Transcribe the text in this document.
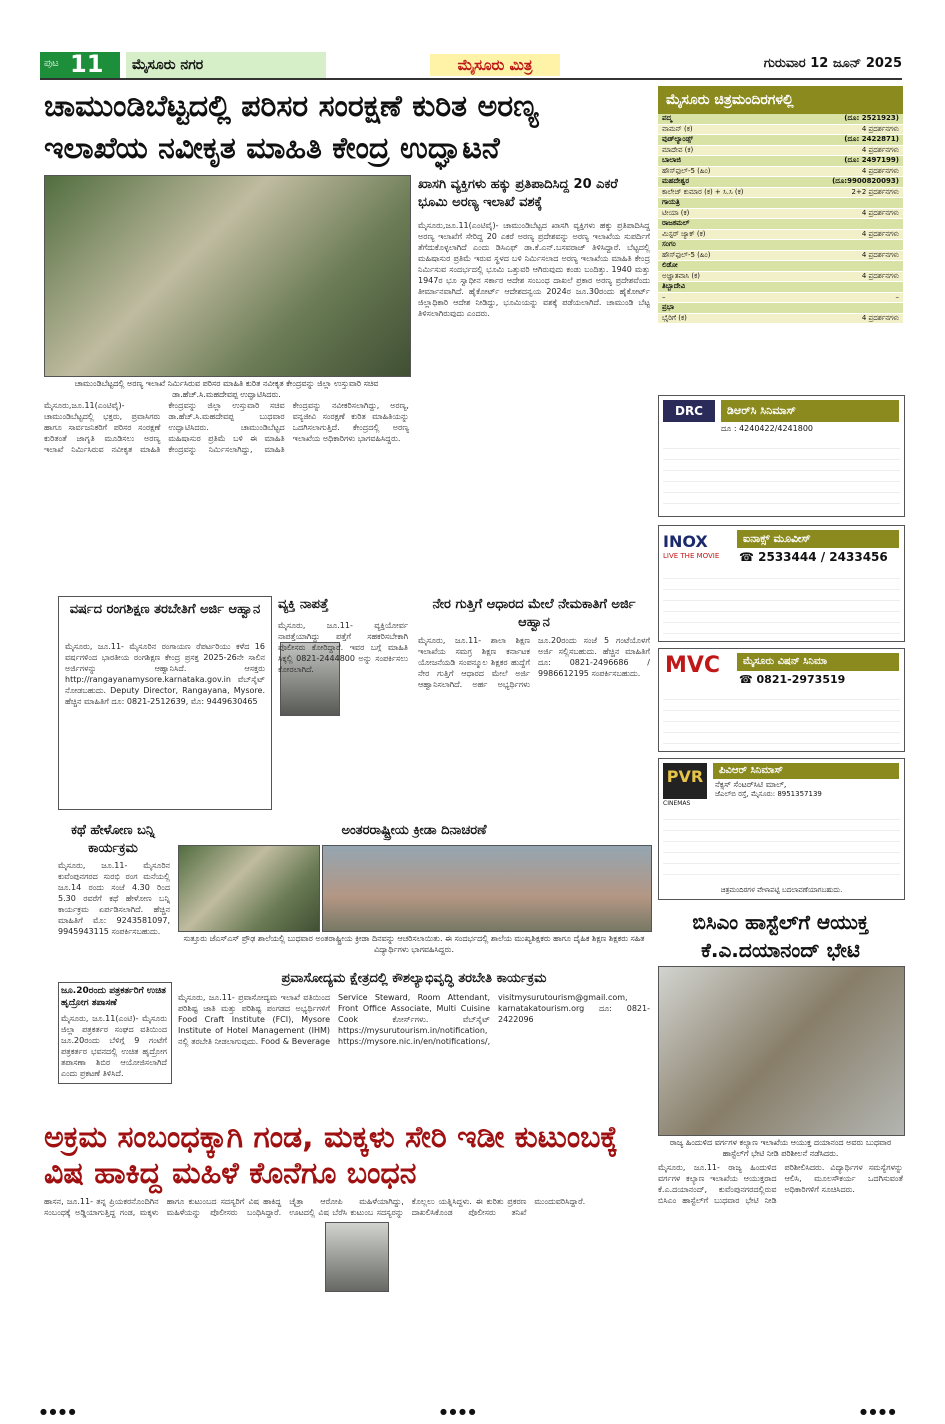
ಪುಟ 11	ಮೈಸೂರು ನಗರ	ಮೈಸೂರು ಮಿತ್ರ	ಗುರುವಾರ 12 ಜೂನ್ 2025
ಚಾಮುಂಡಿಬೆಟ್ಟದಲ್ಲಿ ಪರಿಸರ ಸಂರಕ್ಷಣೆ ಕುರಿತ ಅರಣ್ಯ ಇಲಾಖೆಯ ನವೀಕೃತ ಮಾಹಿತಿ ಕೇಂದ್ರ ಉದ್ಘಾಟನೆ
ಚಾಮುಂಡಿಬೆಟ್ಟದಲ್ಲಿ ಅರಣ್ಯ ಇಲಾಖೆ ನಿರ್ಮಿಸಿರುವ ಪರಿಸರ ಮಾಹಿತಿ ಕುರಿತ ನವೀಕೃತ ಕೇಂದ್ರವನ್ನು ಜಿಲ್ಲಾ ಉಸ್ತುವಾರಿ ಸಚಿವ ಡಾ.ಹೆಚ್.ಸಿ.ಮಹದೇವಪ್ಪ ಉದ್ಘಾಟಿಸಿದರು.
ಮೈಸೂರು,ಜೂ.11(ಎಂಟಿವೈ)- ಚಾಮುಂಡಿಬೆಟ್ಟದಲ್ಲಿ ಭಕ್ತರು, ಪ್ರವಾಸಿಗರು ಹಾಗೂ ಸಾರ್ವಜನಿಕರಿಗೆ ಪರಿಸರ ಸಂರಕ್ಷಣೆ ಕುರಿತಂತೆ ಜಾಗೃತಿ ಮೂಡಿಸಲು ಅರಣ್ಯ ಇಲಾಖೆ ನಿರ್ಮಿಸಿರುವ ನವೀಕೃತ ಮಾಹಿತಿ ಕೇಂದ್ರವನ್ನು ಜಿಲ್ಲಾ ಉಸ್ತುವಾರಿ ಸಚಿವ ಡಾ.ಹೆಚ್.ಸಿ.ಮಹದೇವಪ್ಪ ಬುಧವಾರ ಉದ್ಘಾಟಿಸಿದರು. ಚಾಮುಂಡಿಬೆಟ್ಟದ ಮಹಿಷಾಸುರ ಪ್ರತಿಮೆ ಬಳಿ ಈ ಮಾಹಿತಿ ಕೇಂದ್ರವನ್ನು ನಿರ್ಮಿಸಲಾಗಿದ್ದು, ಮಾಹಿತಿ ಕೇಂದ್ರವನ್ನು ನವೀಕರಿಸಲಾಗಿದ್ದು, ಅರಣ್ಯ, ವನ್ಯಜೀವಿ ಸಂರಕ್ಷಣೆ ಕುರಿತ ಮಾಹಿತಿಯನ್ನು ಒದಗಿಸಲಾಗುತ್ತಿದೆ. ಕೇಂದ್ರದಲ್ಲಿ ಅರಣ್ಯ ಇಲಾಖೆಯ ಅಧಿಕಾರಿಗಳು ಭಾಗವಹಿಸಿದ್ದರು.
ಖಾಸಗಿ ವ್ಯಕ್ತಿಗಳು ಹಕ್ಕು ಪ್ರತಿಪಾದಿಸಿದ್ದ 20 ಎಕರೆ ಭೂಮಿ ಅರಣ್ಯ ಇಲಾಖೆ ವಶಕ್ಕೆ
ಮೈಸೂರು,ಜೂ.11(ಎಂಟಿವೈ)- ಚಾಮುಂಡಿಬೆಟ್ಟದ ಖಾಸಗಿ ವ್ಯಕ್ತಿಗಳು ಹಕ್ಕು ಪ್ರತಿಪಾದಿಸಿದ್ದ ಅರಣ್ಯ ಇಲಾಖೆಗೆ ಸೇರಿದ್ದ 20 ಎಕರೆ ಅರಣ್ಯ ಪ್ರದೇಶವನ್ನು ಅರಣ್ಯ ಇಲಾಖೆಯ ಸುಪರ್ದಿಗೆ ತೆಗೆದುಕೊಳ್ಳಲಾಗಿದೆ ಎಂದು ಡಿಸಿಎಫ್ ಡಾ.ಕೆ.ಎನ್.ಬಸವರಾಜ್ ತಿಳಿಸಿದ್ದಾರೆ. ಬೆಟ್ಟದಲ್ಲಿ ಮಹಿಷಾಸುರ ಪ್ರತಿಮೆ ಇರುವ ಸ್ಥಳದ ಬಳಿ ನಿರ್ಮಿಸಲಾದ ಅರಣ್ಯ ಇಲಾಖೆಯ ಮಾಹಿತಿ ಕೇಂದ್ರ ನಿರ್ಮಿಸುವ ಸಂದರ್ಭದಲ್ಲಿ ಭೂಮಿ ಒತ್ತುವರಿ ಆಗಿರುವುದು ಕಂಡು ಬಂದಿತ್ತು. 1940 ಮತ್ತು 1947ರ ಭೂ ಸ್ವಾಧೀನ ಸರ್ಕಾರ ಆದೇಶ ಸಂಬಂಧ ದಾಖಲೆ ಪ್ರಕಾರ ಅರಣ್ಯ ಪ್ರದೇಶವೆಂದು ತೀರ್ಮಾನವಾಗಿದೆ. ಹೈಕೋರ್ಟ್ ಆದೇಶದನ್ವಯ 2024ರ ಜೂ.30ರಂದು ಹೈಕೋರ್ಟ್ ಜಿಲ್ಲಾಧಿಕಾರಿ ಆದೇಶ ನೀಡಿದ್ದು, ಭೂಮಿಯನ್ನು ವಶಕ್ಕೆ ಪಡೆಯಲಾಗಿದೆ. ಚಾಮುಂಡಿ ಬೆಟ್ಟ ತಿಳಿಸಲಾಗಿರುವುದು ಎಂದರು.
ಮೈಸೂರು ಚಿತ್ರಮಂದಿರಗಳಲ್ಲಿ
ಪದ್ಮ	(ದೂ: 2521923)
ವಾಮನ್ (ಕ)	4 ಪ್ರದರ್ಶನಗಳು
ವುಡ್‌ಲ್ಯಾಂಡ್ಸ್	(ದೂ: 2422871)
ಮಾದೇವ (ಕ)	4 ಪ್ರದರ್ಶನಗಳು
ಬಾಲಾಜಿ	(ದೂ: 2497199)
ಹೌಸ್‌ಫುಲ್-5 (ಹಿಂ)	4 ಪ್ರದರ್ಶನಗಳು
ಮಹದೇಶ್ವರ	(ದೂ:9900820093)
ಕಾಲೇಜ್ ಕುಮಾರ (ಕ) + ಸಿ.ಸಿ (ಕ)	2+2 ಪ್ರದರ್ಶನಗಳು
ಗಾಯತ್ರಿ
ಟೀಯಾ (ಕ)	4 ಪ್ರದರ್ಶನಗಳು
ರಾಜಕಮಲ್
ಮಿಸ್ಟರ್ ಜ್ಯಾಕ್ (ಕ)	4 ಪ್ರದರ್ಶನಗಳು
ಸಂಗಂ
ಹೌಸ್‌ಫುಲ್-5 (ಹಿಂ)	4 ಪ್ರದರ್ಶನಗಳು
ಲಿಡೋ
ಅಜ್ಞಾತವಾಸಿ (ಕ)	4 ಪ್ರದರ್ಶನಗಳು
ತಿಬ್ಬಾದೇವಿ
–	–
ಪ್ರಭಾ
ಭೈರಿಗೆ (ಕ)	4 ಪ್ರದರ್ಶನಗಳು
DRC	ಡಿಆರ್‌ಸಿ ಸಿನಿಮಾಸ್
ದೂ : 4240422/4241800
INOX
LIVE THE MOVIE
ಐನಾಕ್ಸ್ ಮೂವೀಸ್
☎ 2533444 / 2433456
MVC	ಮೈಸೂರು ವಿಷನ್ ಸಿನಿಮಾ
☎ 0821-2973519
PVR
CINEMAS
ಪಿವಿಆರ್ ಸಿನಿಮಾಸ್
ನೆಕ್ಸಸ್ ಸೆಂಟರ್‌ಸಿಟಿ ಮಾಲ್,
ಜೆಎಲ್‌ಬಿ ರಸ್ತೆ, ಮೈಸೂರು: 8951357139
ಚಿತ್ರಮಂದಿರಗಳ ವೇಳಾಪಟ್ಟಿ ಬದಲಾವಣೆಯಾಗಬಹುದು.
ವರ್ಷದ ರಂಗಶಿಕ್ಷಣ ತರಬೇತಿಗೆ ಅರ್ಜಿ ಆಹ್ವಾನ
ಮೈಸೂರು, ಜೂ.11- ಮೈಸೂರಿನ ರಂಗಾಯಣ ರೆಪರ್ಟರಿಯು ಕಳೆದ 16 ವರ್ಷಗಳಿಂದ ಭಾರತೀಯ ರಂಗಶಿಕ್ಷಣ ಕೇಂದ್ರ ಪ್ರಸಕ್ತ 2025-26ನೇ ಸಾಲಿನ ಅರ್ಜಿಗಳನ್ನು ಆಹ್ವಾನಿಸಿದೆ. ಆಸಕ್ತರು http://rangayanamysore.karnataka.gov.in ವೆಬ್‌ಸೈಟ್ ನೋಡಬಹುದು. Deputy Director, Rangayana, Mysore. ಹೆಚ್ಚಿನ ಮಾಹಿತಿಗೆ ದೂ: 0821-2512639, ಮೊ: 9449630465
ವ್ಯಕ್ತಿ ನಾಪತ್ತೆ
ಮೈಸೂರು, ಜೂ.11- ವ್ಯಕ್ತಿಯೋರ್ವ ನಾಪತ್ತೆಯಾಗಿದ್ದು ಪತ್ತೆಗೆ ಸಹಕರಿಸಬೇಕಾಗಿ ಪೊಲೀಸರು ಕೋರಿದ್ದಾರೆ. ಇವರ ಬಗ್ಗೆ ಮಾಹಿತಿ ಸಿಕ್ಕಲ್ಲಿ 0821-2444800 ಅನ್ನು ಸಂಪರ್ಕಿಸಲು ಕೋರಲಾಗಿದೆ.
ನೇರ ಗುತ್ತಿಗೆ ಆಧಾರದ ಮೇಲೆ ನೇಮಕಾತಿಗೆ ಅರ್ಜಿ ಆಹ್ವಾನ
ಮೈಸೂರು, ಜೂ.11- ಶಾಲಾ ಶಿಕ್ಷಣ ಇಲಾಖೆಯ ಸಮಗ್ರ ಶಿಕ್ಷಣ ಕರ್ನಾಟಕ ಯೋಜನೆಯಡಿ ಸಂಪನ್ಮೂಲ ಶಿಕ್ಷಕರ ಹುದ್ದೆಗೆ ನೇರ ಗುತ್ತಿಗೆ ಆಧಾರದ ಮೇಲೆ ಅರ್ಜಿ ಆಹ್ವಾನಿಸಲಾಗಿದೆ. ಅರ್ಹ ಅಭ್ಯರ್ಥಿಗಳು ಜೂ.20ರಂದು ಸಂಜೆ 5 ಗಂಟೆಯೊಳಗೆ ಅರ್ಜಿ ಸಲ್ಲಿಸಬಹುದು. ಹೆಚ್ಚಿನ ಮಾಹಿತಿಗೆ ದೂ: 0821-2496686 / 9986612195 ಸಂಪರ್ಕಿಸಬಹುದು.
ಕಥೆ ಹೇಳೋಣ ಬನ್ನಿ ಕಾರ್ಯಕ್ರಮ
ಮೈಸೂರು, ಜೂ.11- ಮೈಸೂರಿನ ಕುವೆಂಪುನಗರದ ಸುರಭಿ ರಂಗ ಮನೆಯಲ್ಲಿ ಜೂ.14 ರಂದು ಸಂಜೆ 4.30 ರಿಂದ 5.30 ರವರೆಗೆ ಕಥೆ ಹೇಳೋಣ ಬನ್ನಿ ಕಾರ್ಯಕ್ರಮ ಏರ್ಪಡಿಸಲಾಗಿದೆ. ಹೆಚ್ಚಿನ ಮಾಹಿತಿಗೆ ಮೊ: 9243581097, 9945943115 ಸಂಪರ್ಕಿಸಬಹುದು.
ಜೂ.20ರಂದು ಪತ್ರಕರ್ತರಿಗೆ ಉಚಿತ ಹೃದ್ರೋಗ ತಪಾಸಣೆ
ಮೈಸೂರು, ಜೂ.11(ಎಂಟಿ)- ಮೈಸೂರು ಜಿಲ್ಲಾ ಪತ್ರಕರ್ತರ ಸಂಘದ ವತಿಯಿಂದ ಜೂ.20ರಂದು ಬೆಳಿಗ್ಗೆ 9 ಗಂಟೆಗೆ ಪತ್ರಕರ್ತರ ಭವನದಲ್ಲಿ ಉಚಿತ ಹೃದ್ರೋಗ ತಪಾಸಣಾ ಶಿಬಿರ ಆಯೋಜಿಸಲಾಗಿದೆ ಎಂದು ಪ್ರಕಟಣೆ ತಿಳಿಸಿದೆ.
ಅಂತರರಾಷ್ಟ್ರೀಯ ಕ್ರೀಡಾ ದಿನಾಚರಣೆ
ಸುತ್ತೂರು ಜೆಎಸ್‌ಎಸ್ ಪ್ರೌಢ ಶಾಲೆಯಲ್ಲಿ ಬುಧವಾರ ಅಂತರಾಷ್ಟ್ರೀಯ ಕ್ರೀಡಾ ದಿನವನ್ನು ಆಚರಿಸಲಾಯಿತು. ಈ ಸಂದರ್ಭದಲ್ಲಿ ಶಾಲೆಯ ಮುಖ್ಯಶಿಕ್ಷಕರು ಹಾಗೂ ದೈಹಿಕ ಶಿಕ್ಷಣ ಶಿಕ್ಷಕರು ಸಹಿತ ವಿದ್ಯಾರ್ಥಿಗಳು ಭಾಗವಹಿಸಿದ್ದರು.
ಪ್ರವಾಸೋದ್ಯಮ ಕ್ಷೇತ್ರದಲ್ಲಿ ಕೌಶಲ್ಯಾಭಿವೃದ್ಧಿ ತರಬೇತಿ ಕಾರ್ಯಕ್ರಮ
ಮೈಸೂರು, ಜೂ.11- ಪ್ರವಾಸೋದ್ಯಮ ಇಲಾಖೆ ವತಿಯಿಂದ ಪರಿಶಿಷ್ಟ ಜಾತಿ ಮತ್ತು ಪರಿಶಿಷ್ಟ ಪಂಗಡದ ಅಭ್ಯರ್ಥಿಗಳಿಗೆ Food Craft Institute (FCI), Mysore Institute of Hotel Management (IHM) ನಲ್ಲಿ ತರಬೇತಿ ನೀಡಲಾಗುವುದು. Food & Beverage Service Steward, Room Attendant, Front Office Associate, Multi Cuisine Cook ಕೋರ್ಸ್‌ಗಳು. ವೆಬ್‌ಸೈಟ್ https://mysurutourism.in/notification, https://mysore.nic.in/en/notifications/, visitmysurutourism@gmail.com, karnatakatourism.org ದೂ: 0821-2422096
ಬಿಸಿಎಂ ಹಾಸ್ಟೆಲ್‌ಗೆ ಆಯುಕ್ತ ಕೆ.ಎ.ದಯಾನಂದ್ ಭೇಟಿ
ರಾಜ್ಯ ಹಿಂದುಳಿದ ವರ್ಗಗಳ ಕಲ್ಯಾಣ ಇಲಾಖೆಯ ಆಯುಕ್ತ ದಯಾನಂದ ಅವರು ಬುಧವಾರ ಹಾಸ್ಟೆಲ್‌ಗೆ ಭೇಟಿ ನೀಡಿ ಪರಿಶೀಲನೆ ನಡೆಸಿದರು.
ಮೈಸೂರು, ಜೂ.11- ರಾಜ್ಯ ಹಿಂದುಳಿದ ವರ್ಗಗಳ ಕಲ್ಯಾಣ ಇಲಾಖೆಯ ಆಯುಕ್ತರಾದ ಕೆ.ಎ.ದಯಾನಂದ್, ಕುವೆಂಪುನಗರದಲ್ಲಿರುವ ಬಿಸಿಎಂ ಹಾಸ್ಟೆಲ್‌ಗೆ ಬುಧವಾರ ಭೇಟಿ ನೀಡಿ ಪರಿಶೀಲಿಸಿದರು. ವಿದ್ಯಾರ್ಥಿಗಳ ಸಮಸ್ಯೆಗಳನ್ನು ಆಲಿಸಿ, ಮೂಲಸೌಕರ್ಯ ಒದಗಿಸುವಂತೆ ಅಧಿಕಾರಿಗಳಿಗೆ ಸೂಚಿಸಿದರು.
ಅಕ್ರಮ ಸಂಬಂಧಕ್ಕಾಗಿ ಗಂಡ, ಮಕ್ಕಳು ಸೇರಿ ಇಡೀ ಕುಟುಂಬಕ್ಕೆ ವಿಷ ಹಾಕಿದ್ದ ಮಹಿಳೆ ಕೊನೆಗೂ ಬಂಧನ
ಹಾಸನ, ಜೂ.11- ತನ್ನ ಪ್ರಿಯಕರನೊಂದಿಗಿನ ಸಂಬಂಧಕ್ಕೆ ಅಡ್ಡಿಯಾಗುತ್ತಿದ್ದ ಗಂಡ, ಮಕ್ಕಳು ಹಾಗೂ ಕುಟುಂಬದ ಸದಸ್ಯರಿಗೆ ವಿಷ ಹಾಕಿದ್ದ ಮಹಿಳೆಯನ್ನು ಪೊಲೀಸರು ಬಂಧಿಸಿದ್ದಾರೆ. ಚೈತ್ರಾ ಆರೋಪಿ ಮಹಿಳೆಯಾಗಿದ್ದು, ಊಟದಲ್ಲಿ ವಿಷ ಬೆರೆಸಿ ಕುಟುಂಬ ಸದಸ್ಯರನ್ನು ಕೊಲ್ಲಲು ಯತ್ನಿಸಿದ್ದಳು. ಈ ಕುರಿತು ಪ್ರಕರಣ ದಾಖಲಿಸಿಕೊಂಡ ಪೊಲೀಸರು ತನಿಖೆ ಮುಂದುವರಿಸಿದ್ದಾರೆ.
● ● ● ●	● ● ● ●	● ● ● ●
